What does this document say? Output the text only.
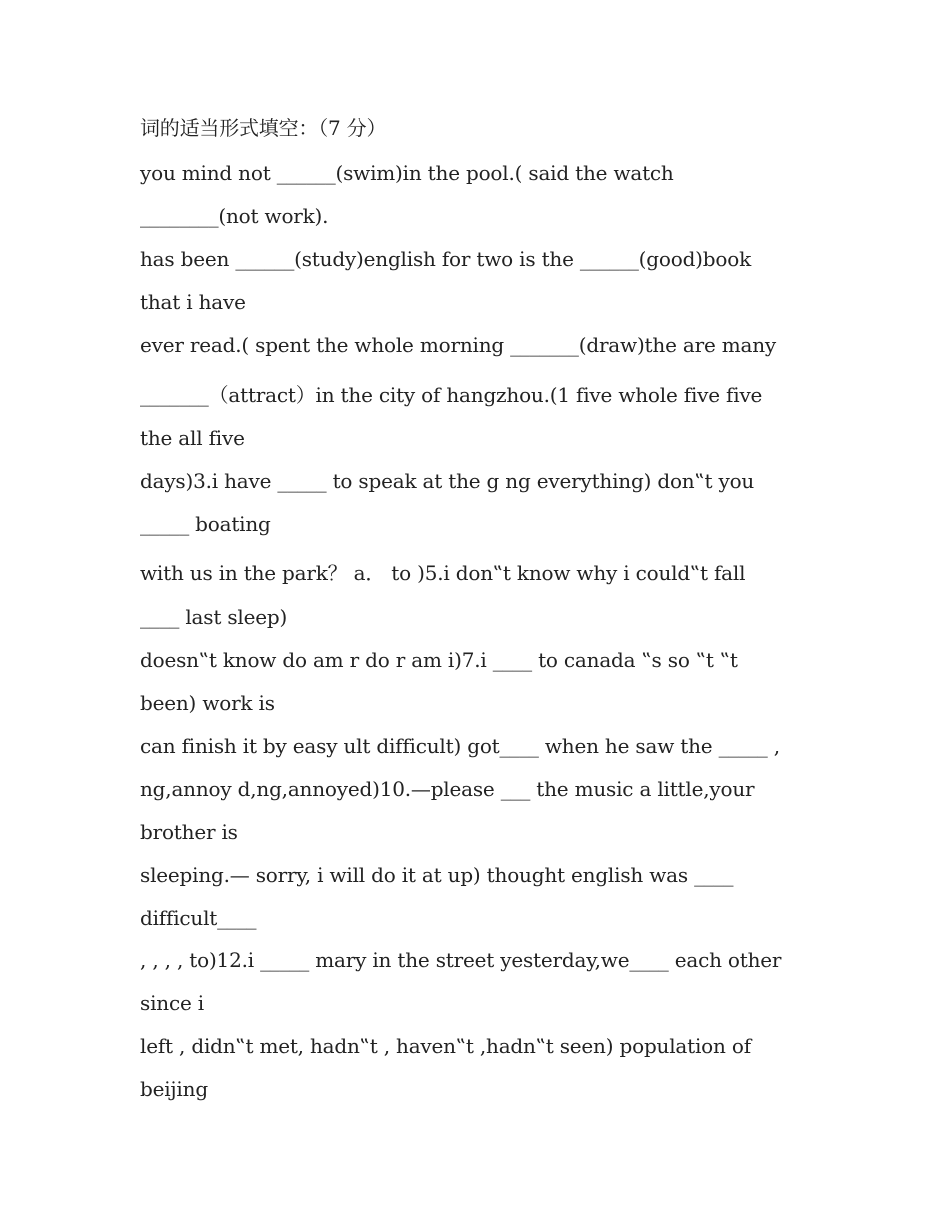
词的适当形式填空：（7 分）
you mind not ______(swim)in the pool.( said the watch
________(not work).
has been ______(study)english for two is the ______(good)book
that i have
ever read.( spent the whole morning _______(draw)the are many
_______（attract）in the city of hangzhou.(1 five whole five five
the all five
days)3.i have _____ to speak at the g ng everything) don‟t you
_____ boating
with us in the park？ a． to )5.i don‟t know why i could‟t fall
____ last sleep)
doesn‟t know do am r do r am i)7.i ____ to canada ‟s so ‟t ‟t
been) work is
can finish it by easy ult difficult) got____ when he saw the _____ ,
ng,annoy d,ng,annoyed)10.—please ___ the music a little,your
brother is
sleeping.— sorry, i will do it at up) thought english was ____
difficult____
, , , , to)12.i _____ mary in the street yesterday,we____ each other
since i
left , didn‟t met, hadn‟t , haven‟t ,hadn‟t seen) population of
beijing
